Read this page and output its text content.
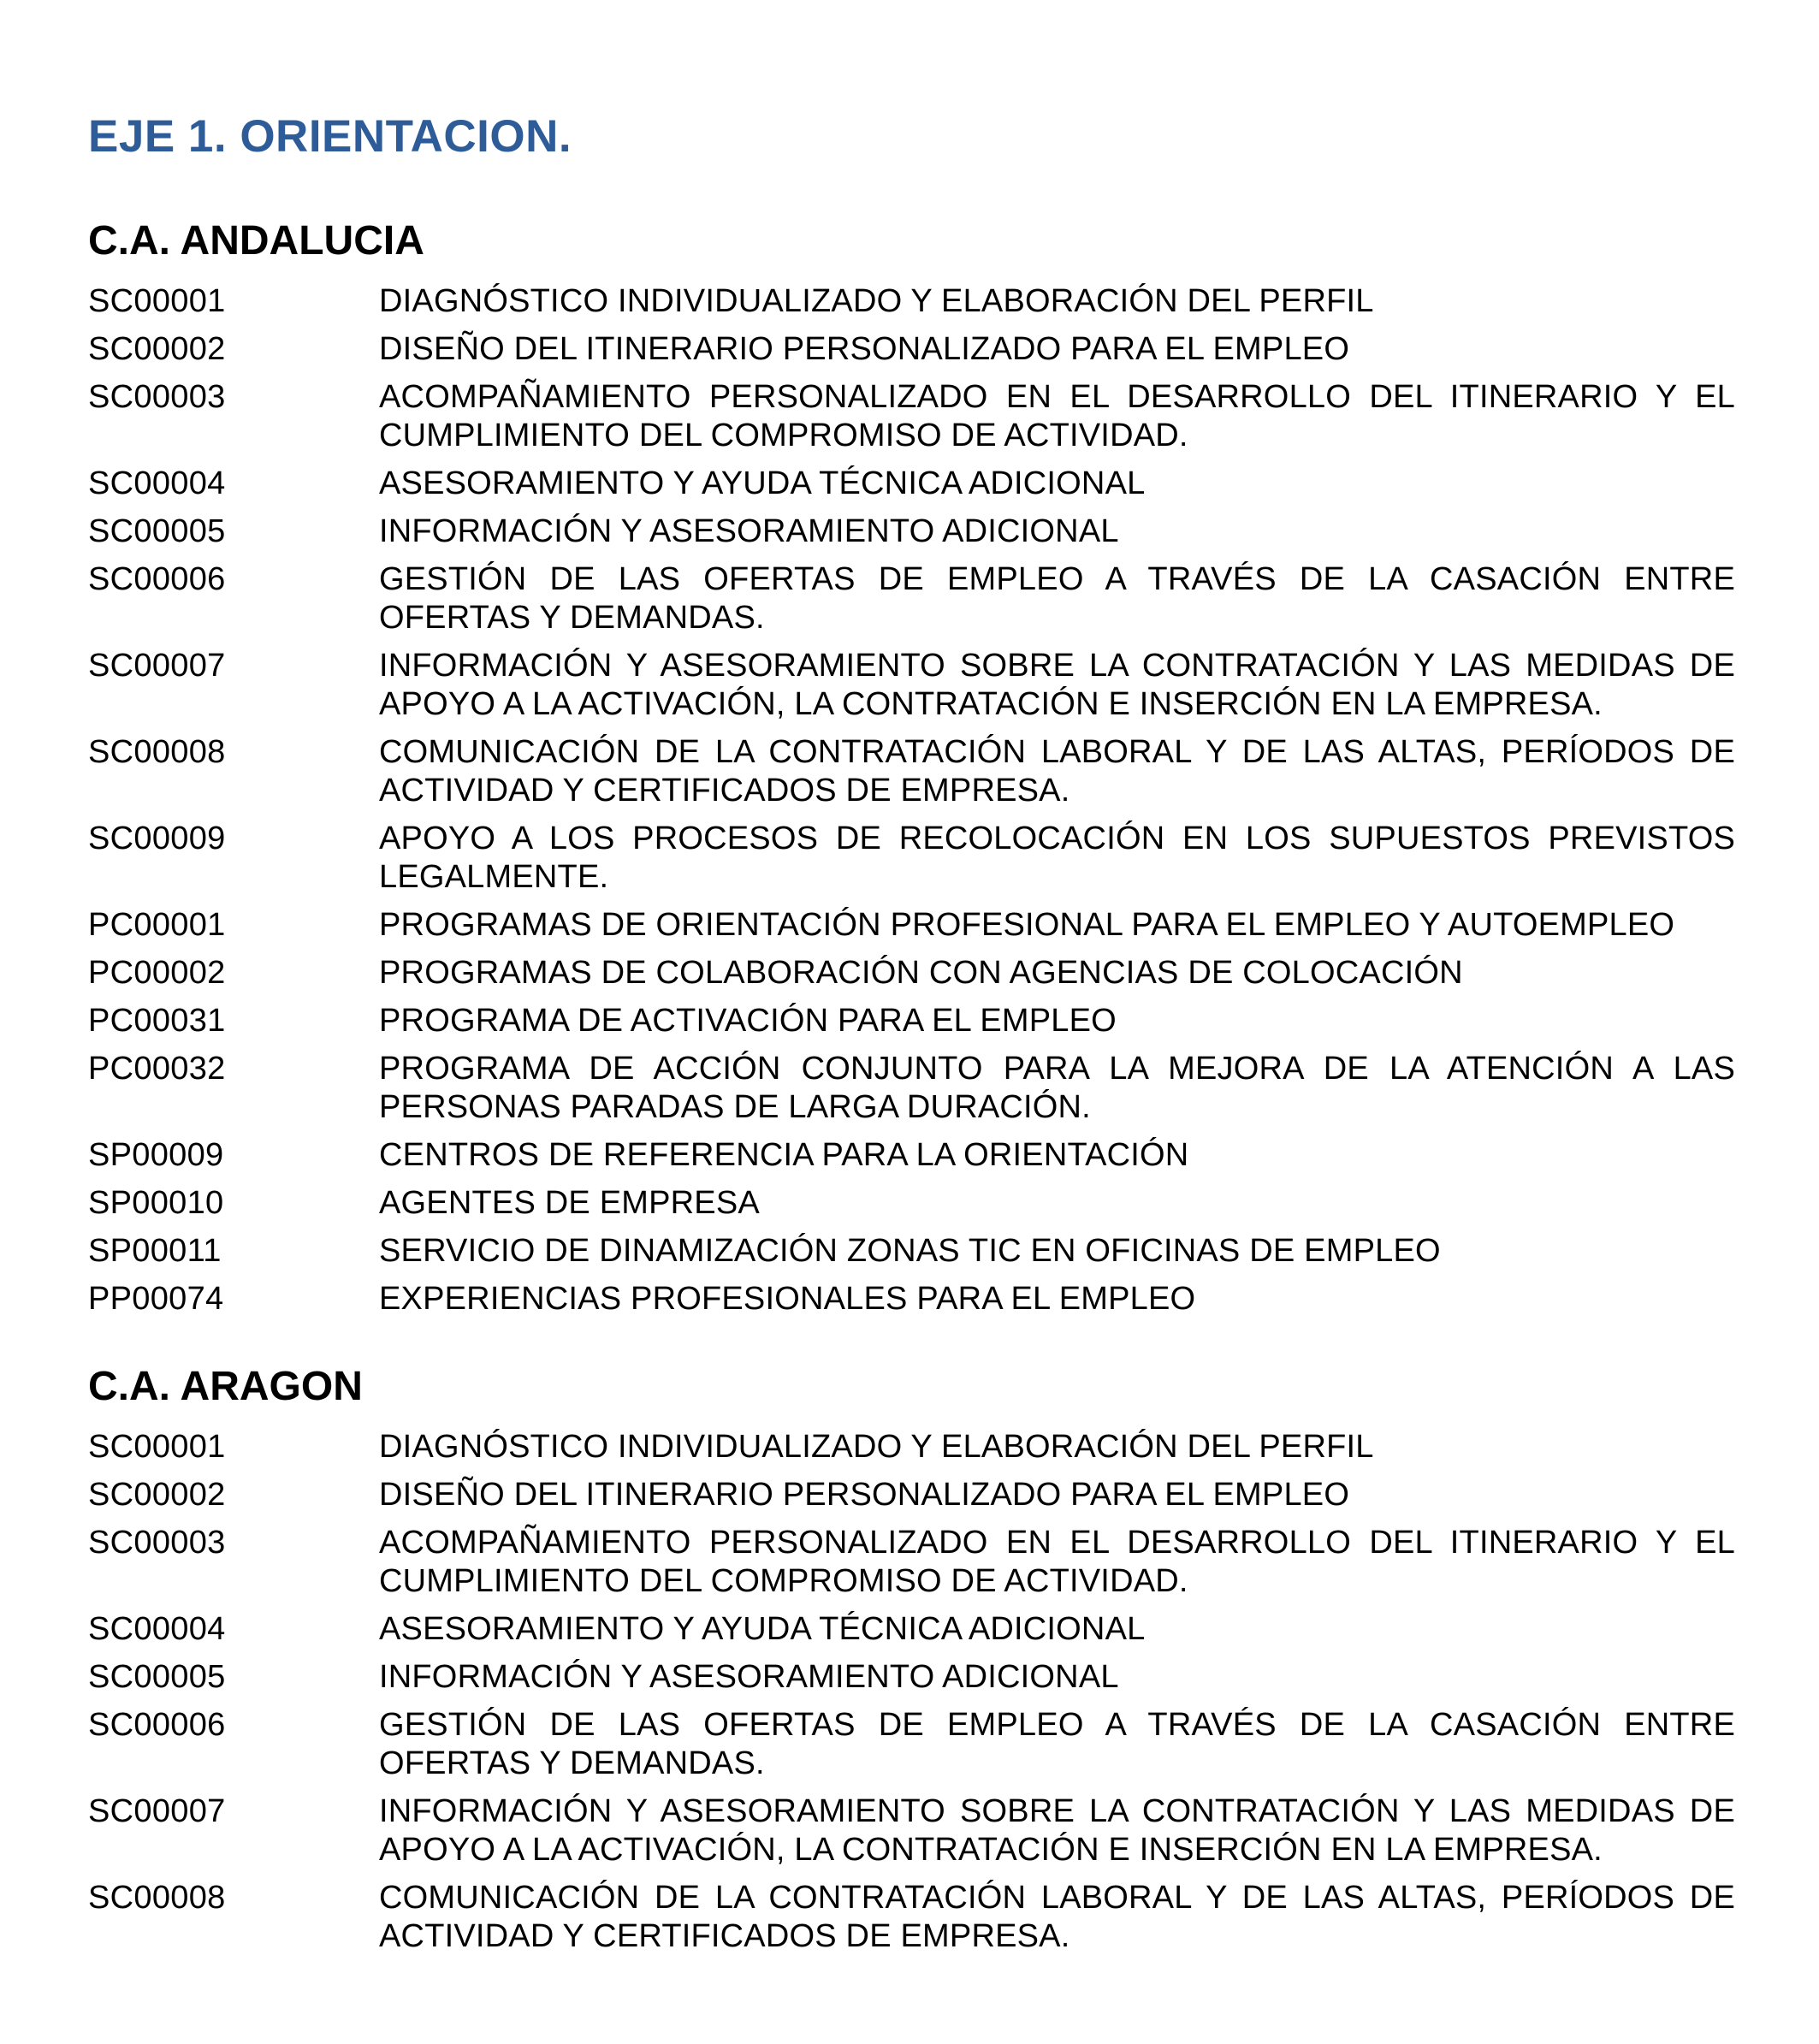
EJE 1. ORIENTACION.
C.A. ANDALUCIA
SC00001	DIAGNÓSTICO INDIVIDUALIZADO Y ELABORACIÓN DEL PERFIL
SC00002	DISEÑO DEL ITINERARIO PERSONALIZADO PARA EL EMPLEO
SC00003	ACOMPAÑAMIENTO PERSONALIZADO EN EL DESARROLLO DEL ITINERARIO Y EL CUMPLIMIENTO DEL COMPROMISO DE ACTIVIDAD.
SC00004	ASESORAMIENTO Y AYUDA TÉCNICA ADICIONAL
SC00005	INFORMACIÓN Y ASESORAMIENTO ADICIONAL
SC00006	GESTIÓN DE LAS OFERTAS DE EMPLEO A TRAVÉS DE LA CASACIÓN ENTRE OFERTAS Y DEMANDAS.
SC00007	INFORMACIÓN Y ASESORAMIENTO SOBRE LA CONTRATACIÓN Y LAS MEDIDAS DE APOYO A LA ACTIVACIÓN, LA CONTRATACIÓN E INSERCIÓN EN LA EMPRESA.
SC00008	COMUNICACIÓN DE LA CONTRATACIÓN LABORAL Y DE LAS ALTAS, PERÍODOS DE ACTIVIDAD Y CERTIFICADOS DE EMPRESA.
SC00009	APOYO A LOS PROCESOS DE RECOLOCACIÓN EN LOS SUPUESTOS PREVISTOS LEGALMENTE.
PC00001	PROGRAMAS DE ORIENTACIÓN PROFESIONAL PARA EL EMPLEO Y AUTOEMPLEO
PC00002	PROGRAMAS DE COLABORACIÓN CON AGENCIAS DE COLOCACIÓN
PC00031	PROGRAMA DE ACTIVACIÓN PARA EL EMPLEO
PC00032	PROGRAMA DE ACCIÓN CONJUNTO PARA LA MEJORA DE LA ATENCIÓN A LAS PERSONAS PARADAS DE LARGA DURACIÓN.
SP00009	CENTROS DE REFERENCIA PARA LA ORIENTACIÓN
SP00010	AGENTES DE EMPRESA
SP00011	SERVICIO DE DINAMIZACIÓN ZONAS TIC EN OFICINAS DE EMPLEO
PP00074	EXPERIENCIAS PROFESIONALES PARA EL EMPLEO
C.A. ARAGON
SC00001	DIAGNÓSTICO INDIVIDUALIZADO Y ELABORACIÓN DEL PERFIL
SC00002	DISEÑO DEL ITINERARIO PERSONALIZADO PARA EL EMPLEO
SC00003	ACOMPAÑAMIENTO PERSONALIZADO EN EL DESARROLLO DEL ITINERARIO Y EL CUMPLIMIENTO DEL COMPROMISO DE ACTIVIDAD.
SC00004	ASESORAMIENTO Y AYUDA TÉCNICA ADICIONAL
SC00005	INFORMACIÓN Y ASESORAMIENTO ADICIONAL
SC00006	GESTIÓN DE LAS OFERTAS DE EMPLEO A TRAVÉS DE LA CASACIÓN ENTRE OFERTAS Y DEMANDAS.
SC00007	INFORMACIÓN Y ASESORAMIENTO SOBRE LA CONTRATACIÓN Y LAS MEDIDAS DE APOYO A LA ACTIVACIÓN, LA CONTRATACIÓN E INSERCIÓN EN LA EMPRESA.
SC00008	COMUNICACIÓN DE LA CONTRATACIÓN LABORAL Y DE LAS ALTAS, PERÍODOS DE ACTIVIDAD Y CERTIFICADOS DE EMPRESA.
